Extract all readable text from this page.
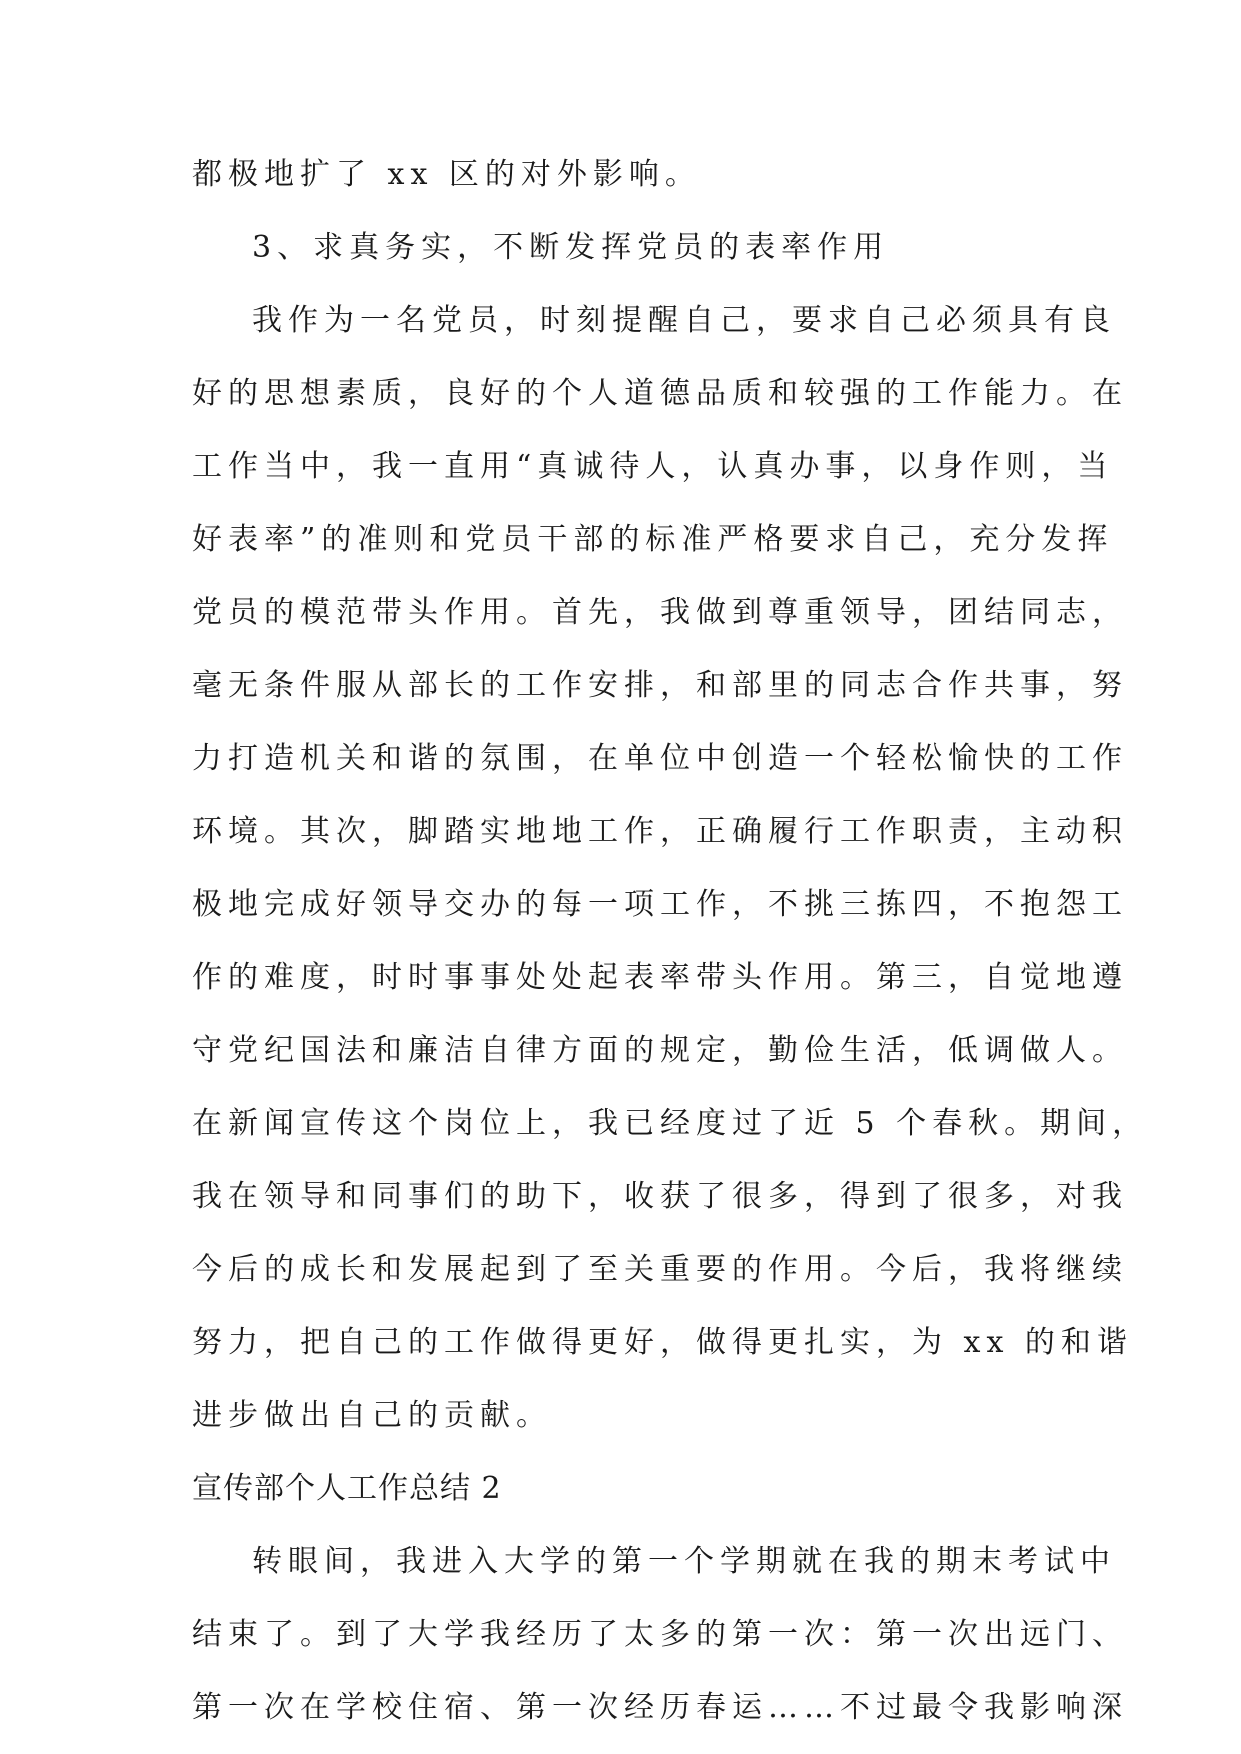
都极地扩了 xx 区的对外影响。
3、求真务实，不断发挥党员的表率作用
我作为一名党员，时刻提醒自己，要求自己必须具有良
好的思想素质，良好的个人道德品质和较强的工作能力。在
工作当中，我一直用“真诚待人，认真办事，以身作则，当
好表率”的准则和党员干部的标准严格要求自己，充分发挥
党员的模范带头作用。首先，我做到尊重领导，团结同志，
毫无条件服从部长的工作安排，和部里的同志合作共事，努
力打造机关和谐的氛围，在单位中创造一个轻松愉快的工作
环境。其次，脚踏实地地工作，正确履行工作职责，主动积
极地完成好领导交办的每一项工作，不挑三拣四，不抱怨工
作的难度，时时事事处处起表率带头作用。第三，自觉地遵
守党纪国法和廉洁自律方面的规定，勤俭生活，低调做人。
在新闻宣传这个岗位上，我已经度过了近 5 个春秋。期间，
我在领导和同事们的助下，收获了很多，得到了很多，对我
今后的成长和发展起到了至关重要的作用。今后，我将继续
努力，把自己的工作做得更好，做得更扎实，为 xx 的和谐
进步做出自己的贡献。
宣传部个人工作总结 2
转眼间，我进入大学的第一个学期就在我的期末考试中
结束了。到了大学我经历了太多的第一次：第一次出远门、
第一次在学校住宿、第一次经历春运……不过最令我影响深
